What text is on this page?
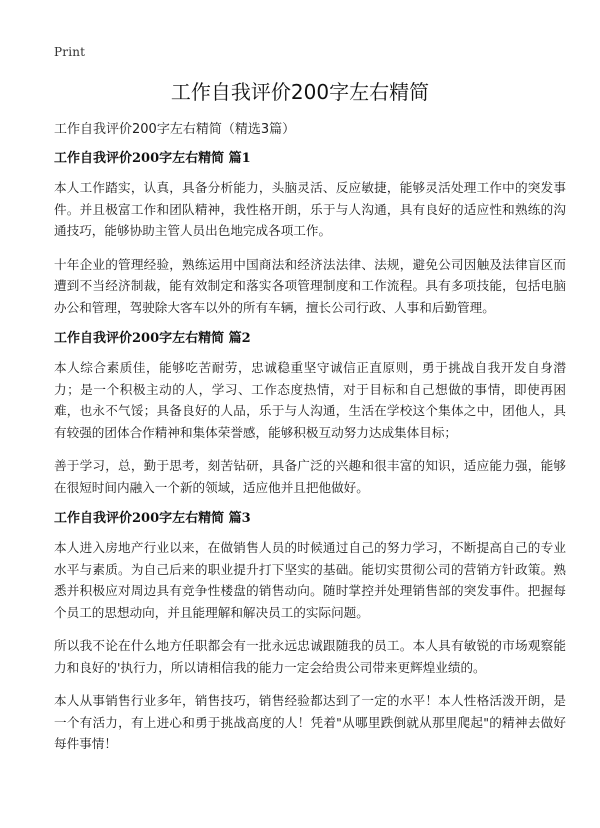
Print
工作自我评价200字左右精简
工作自我评价200字左右精简（精选3篇）
工作自我评价200字左右精简 篇1

本人工作踏实，认真，具备分析能力，头脑灵活、反应敏捷，能够灵活处理工作中的突发事件。并且极富工作和团队精神，我性格开朗，乐于与人沟通，具有良好的适应性和熟练的沟通技巧，能够协助主管人员出色地完成各项工作。

十年企业的管理经验，熟练运用中国商法和经济法法律、法规，避免公司因触及法律盲区而遭到不当经济制裁，能有效制定和落实各项管理制度和工作流程。具有多项技能，包括电脑办公和管理，驾驶除大客车以外的所有车辆，擅长公司行政、人事和后勤管理。

工作自我评价200字左右精简 篇2

本人综合素质佳，能够吃苦耐劳，忠诚稳重坚守诚信正直原则，勇于挑战自我开发自身潜力；是一个积极主动的人，学习、工作态度热情，对于目标和自己想做的事情，即使再困难，也永不气馁；具备良好的人品，乐于与人沟通，生活在学校这个集体之中，团他人，具有较强的团体合作精神和集体荣誉感，能够积极互动努力达成集体目标；

善于学习，总，勤于思考，刻苦钻研，具备广泛的兴趣和很丰富的知识，适应能力强，能够在很短时间内融入一个新的领域，适应他并且把他做好。

工作自我评价200字左右精简 篇3

本人进入房地产行业以来，在做销售人员的时候通过自己的努力学习，不断提高自己的专业水平与素质。为自己后来的职业提升打下坚实的基础。能切实贯彻公司的营销方针政策。熟悉并积极应对周边具有竞争性楼盘的销售动向。随时掌控并处理销售部的突发事件。把握每个员工的思想动向，并且能理解和解决员工的实际问题。

所以我不论在什么地方任职都会有一批永远忠诚跟随我的员工。本人具有敏锐的市场观察能力和良好的'执行力，所以请相信我的能力一定会给贵公司带来更辉煌业绩的。

本人从事销售行业多年，销售技巧，销售经验都达到了一定的水平！本人性格活泼开朗，是一个有活力，有上进心和勇于挑战高度的人！凭着"从哪里跌倒就从那里爬起"的精神去做好每件事情！
